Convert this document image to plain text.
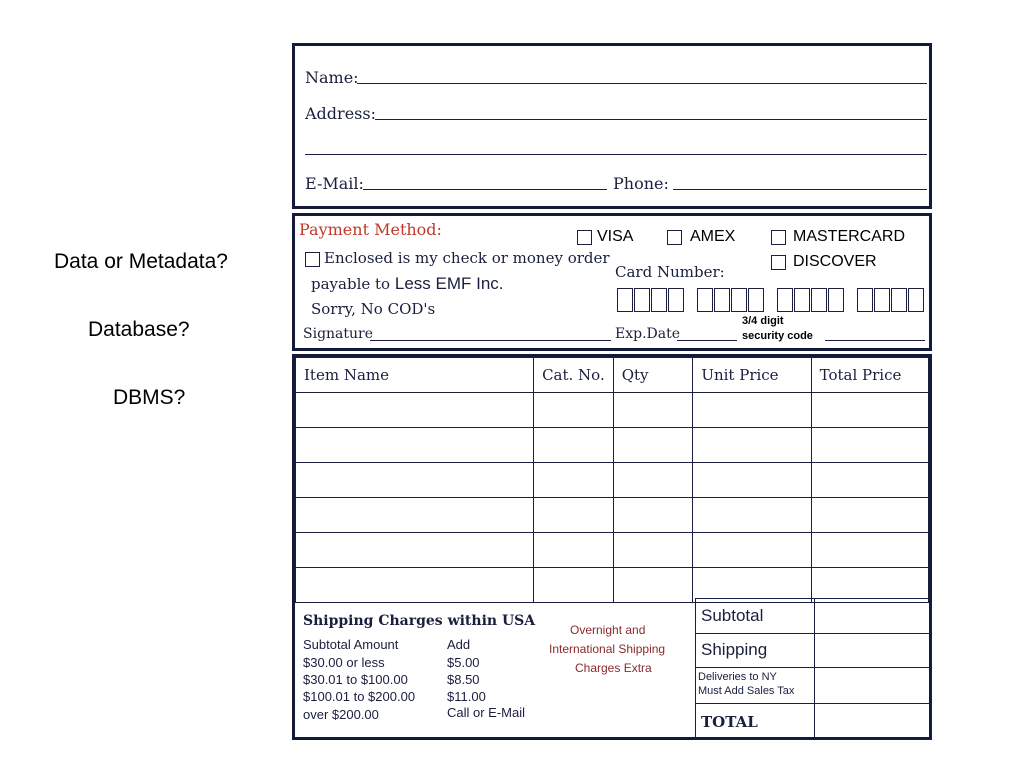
Data or Metadata?
Database?
DBMS?
Name:
Address:
E-Mail:	Phone:
Payment Method:
Enclosed is my check or money order
payable to Less EMF Inc.
Sorry, No COD's
Signature
VISA	AMEX	MASTERCARD
DISCOVER
Card Number:
Exp.Date
3/4 digit
security code
Item Name	Cat. No.	Qty	Unit Price	Total Price

Shipping Charges within USA
Subtotal Amount	Add
$30.00 or less	$5.00
$30.01 to $100.00	$8.50
$100.01 to $200.00 $11.00
over $200.00	Call or E-Mail
Overnight and
International Shipping
Charges Extra
Subtotal
Shipping
Deliveries to NY
Must Add Sales Tax
TOTAL
